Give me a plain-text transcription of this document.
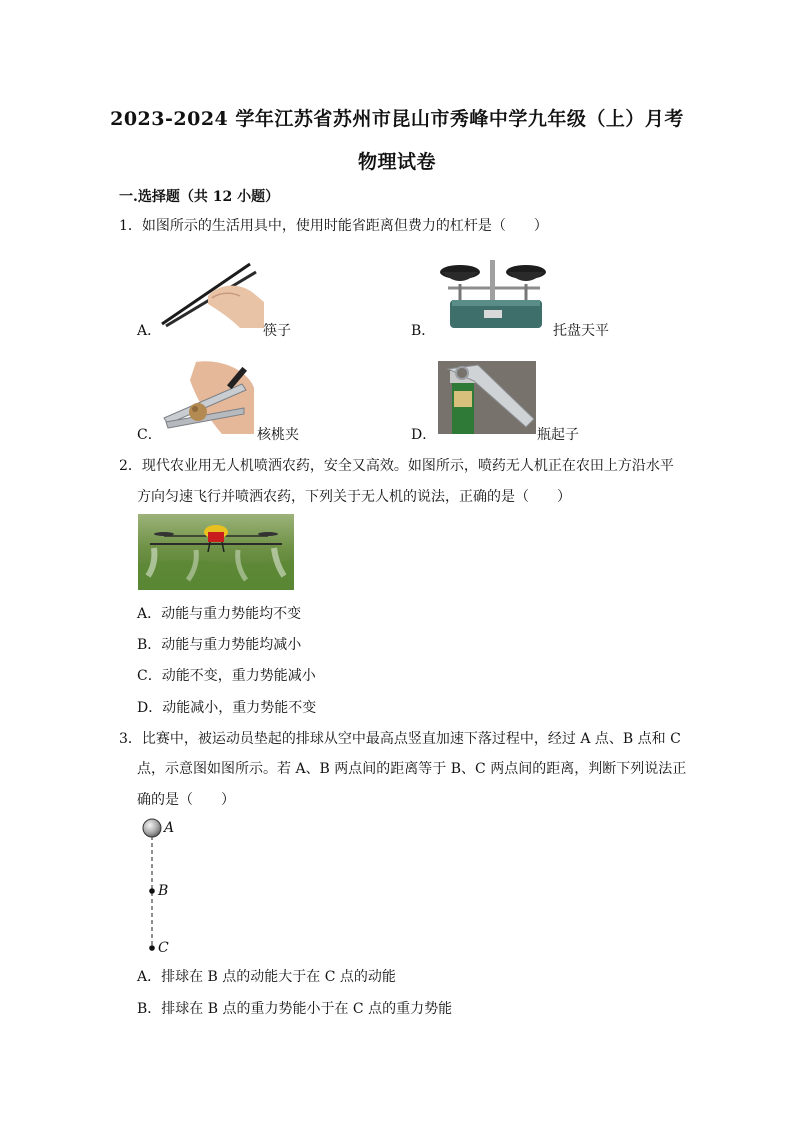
2023-2024 学年江苏省苏州市昆山市秀峰中学九年级（上）月考
物理试卷
一.选择题（共 12 小题）
1．如图所示的生活用具中，使用时能省距离但费力的杠杆是（　　）
A．	筷子	B．	托盘天平
C．	核桃夹	D．	瓶起子
2．现代农业用无人机喷洒农药，安全又高效。如图所示，喷药无人机正在农田上方沿水平
方向匀速飞行并喷洒农药，下列关于无人机的说法，正确的是（　　）
A．动能与重力势能均不变
B．动能与重力势能均减小
C．动能不变，重力势能减小
D．动能减小，重力势能不变
3．比赛中，被运动员垫起的排球从空中最高点竖直加速下落过程中，经过 A 点、B 点和 C
点，示意图如图所示。若 A、B 两点间的距离等于 B、C 两点间的距离，判断下列说法正
确的是（　　）
A
B
C
A．排球在 B 点的动能大于在 C 点的动能
B．排球在 B 点的重力势能小于在 C 点的重力势能
